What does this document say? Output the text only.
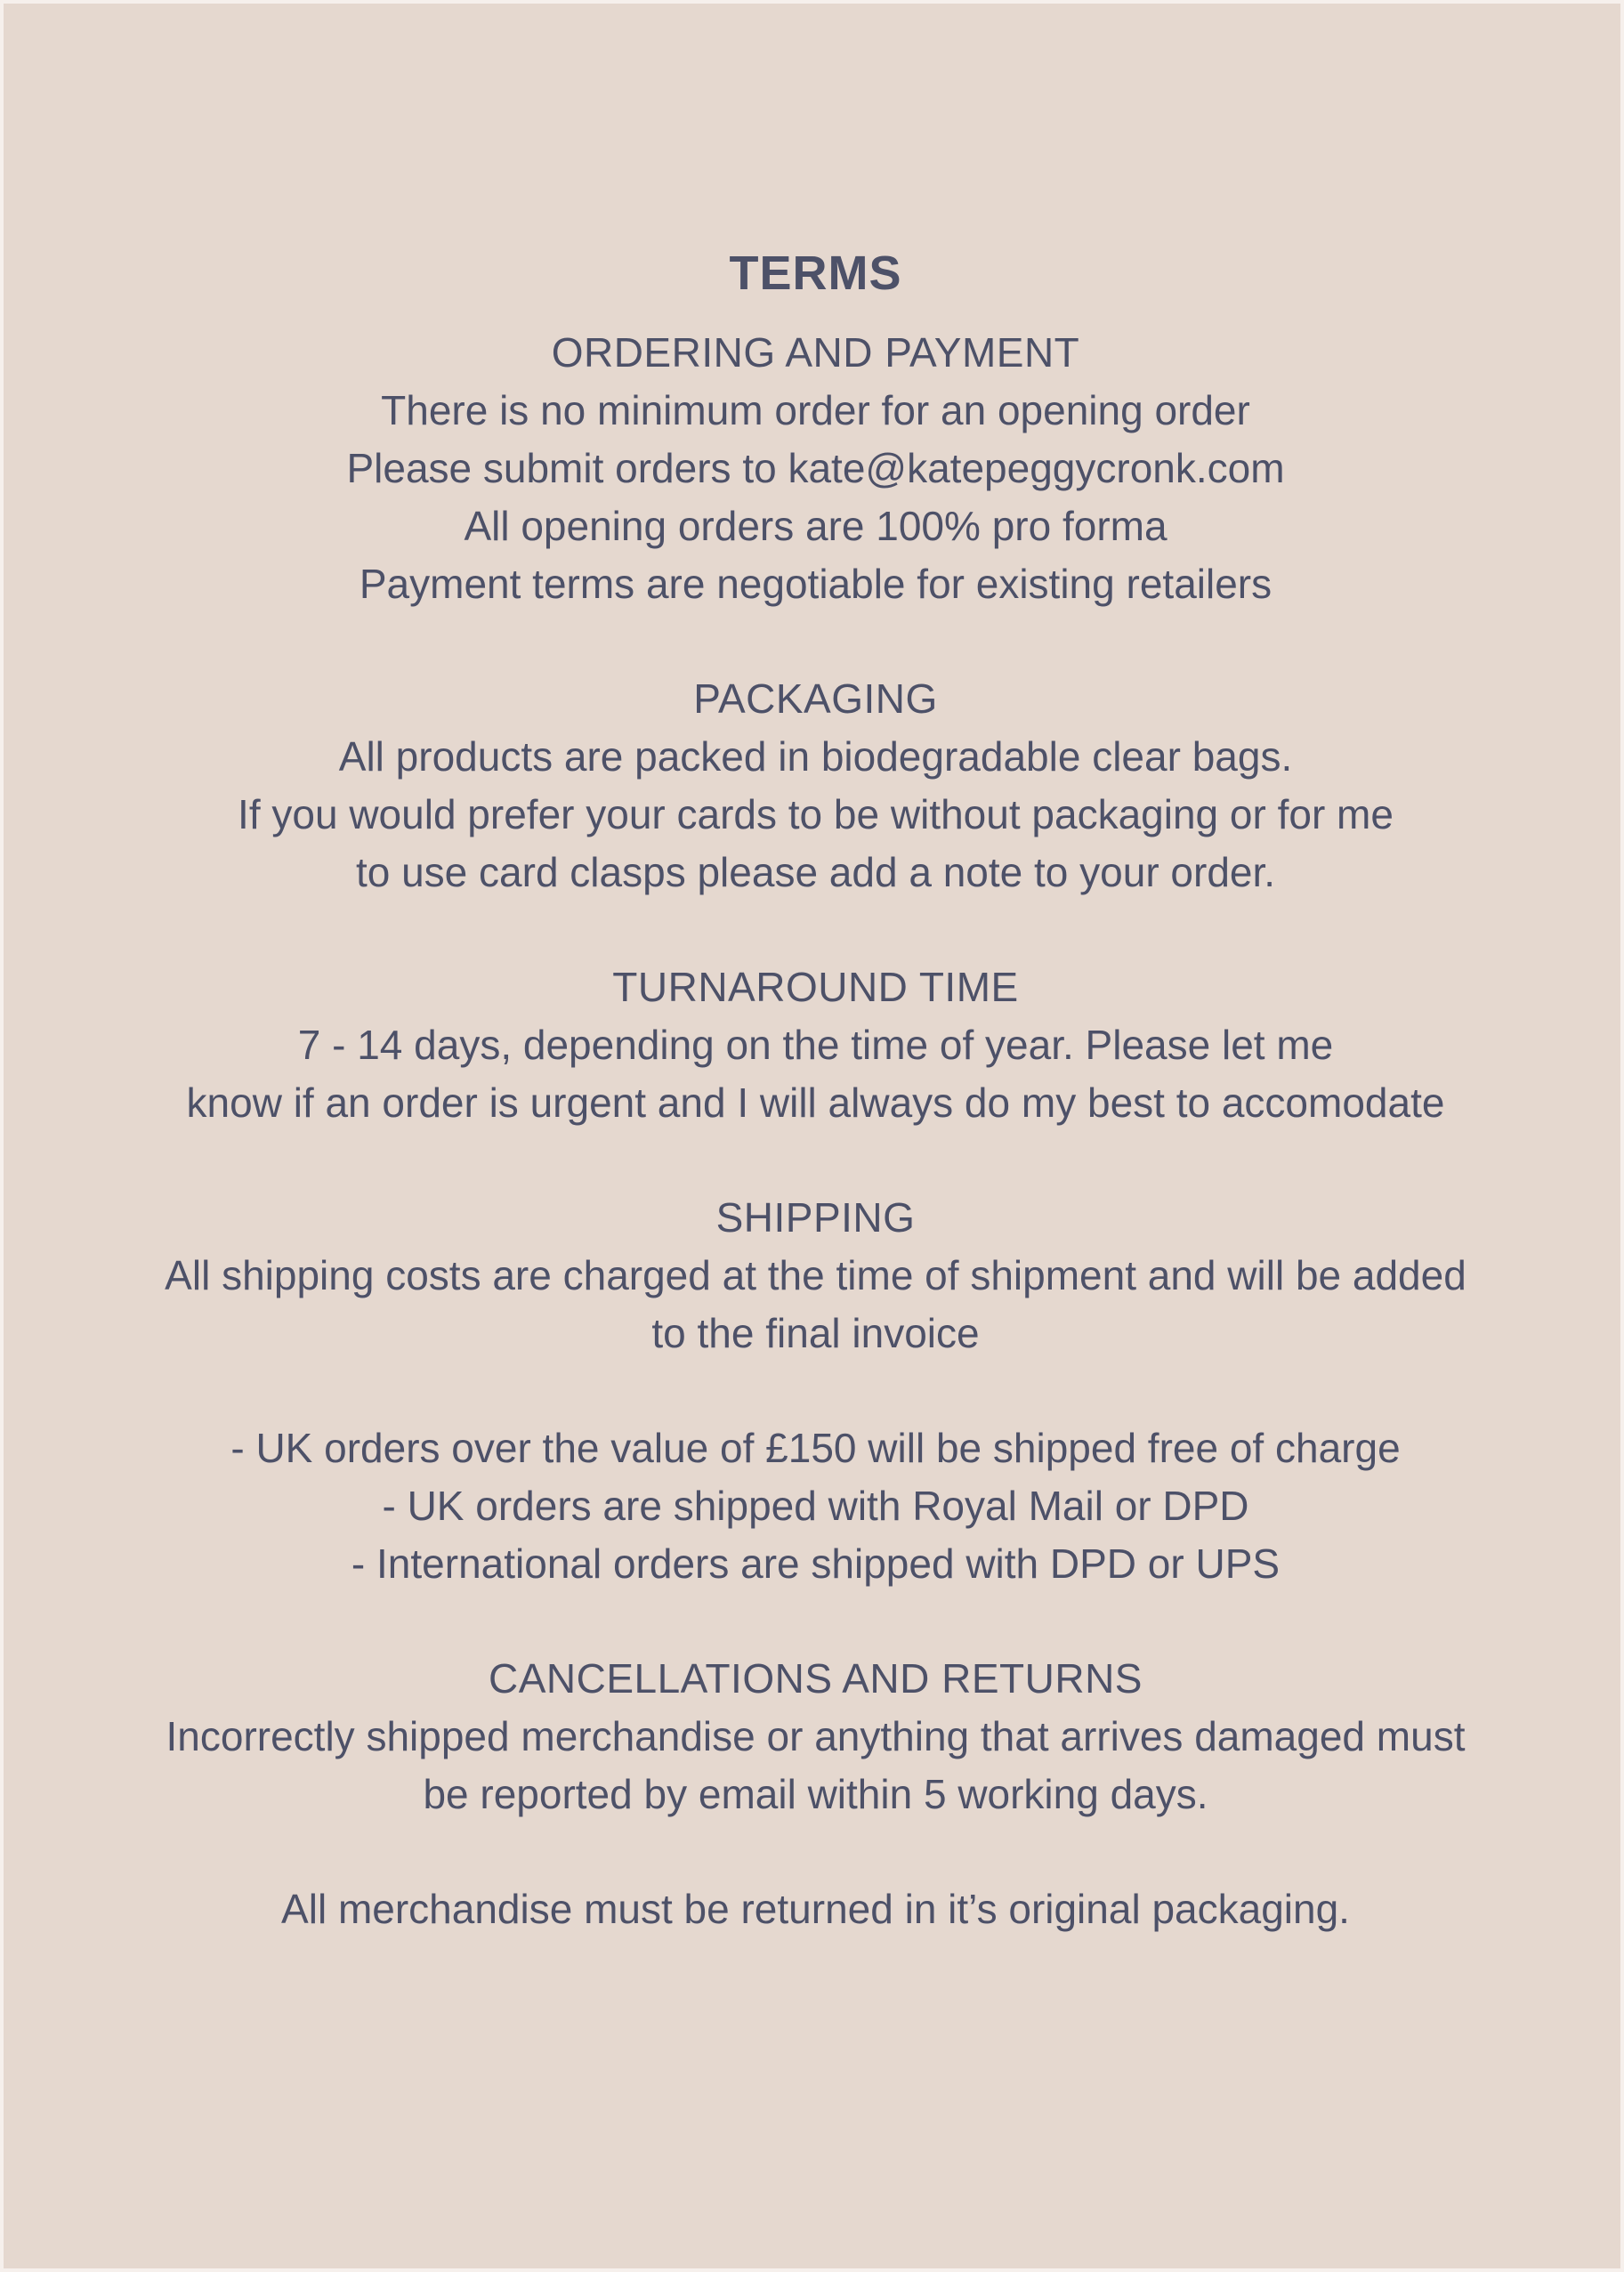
TERMS

ORDERING AND PAYMENT

There is no minimum order for an opening order

Please submit orders to kate@katepeggycronk.com

All opening orders are 100% pro forma

Payment terms are negotiable for existing retailers

PACKAGING

All products are packed in biodegradable clear bags.

If you would prefer your cards to be without packaging or for me

to use card clasps please add a note to your order.

TURNAROUND TIME

7 - 14 days, depending on the time of year. Please let me

know if an order is urgent and I will always do my best to accomodate

SHIPPING

All shipping costs are charged at the time of shipment and will be added

to the final invoice

- UK orders over the value of £150 will be shipped free of charge

- UK orders are shipped with Royal Mail or DPD

- International orders are shipped with DPD or UPS

CANCELLATIONS AND RETURNS

Incorrectly shipped merchandise or anything that arrives damaged must

be reported by email within 5 working days.

All merchandise must be returned in it’s original packaging.
